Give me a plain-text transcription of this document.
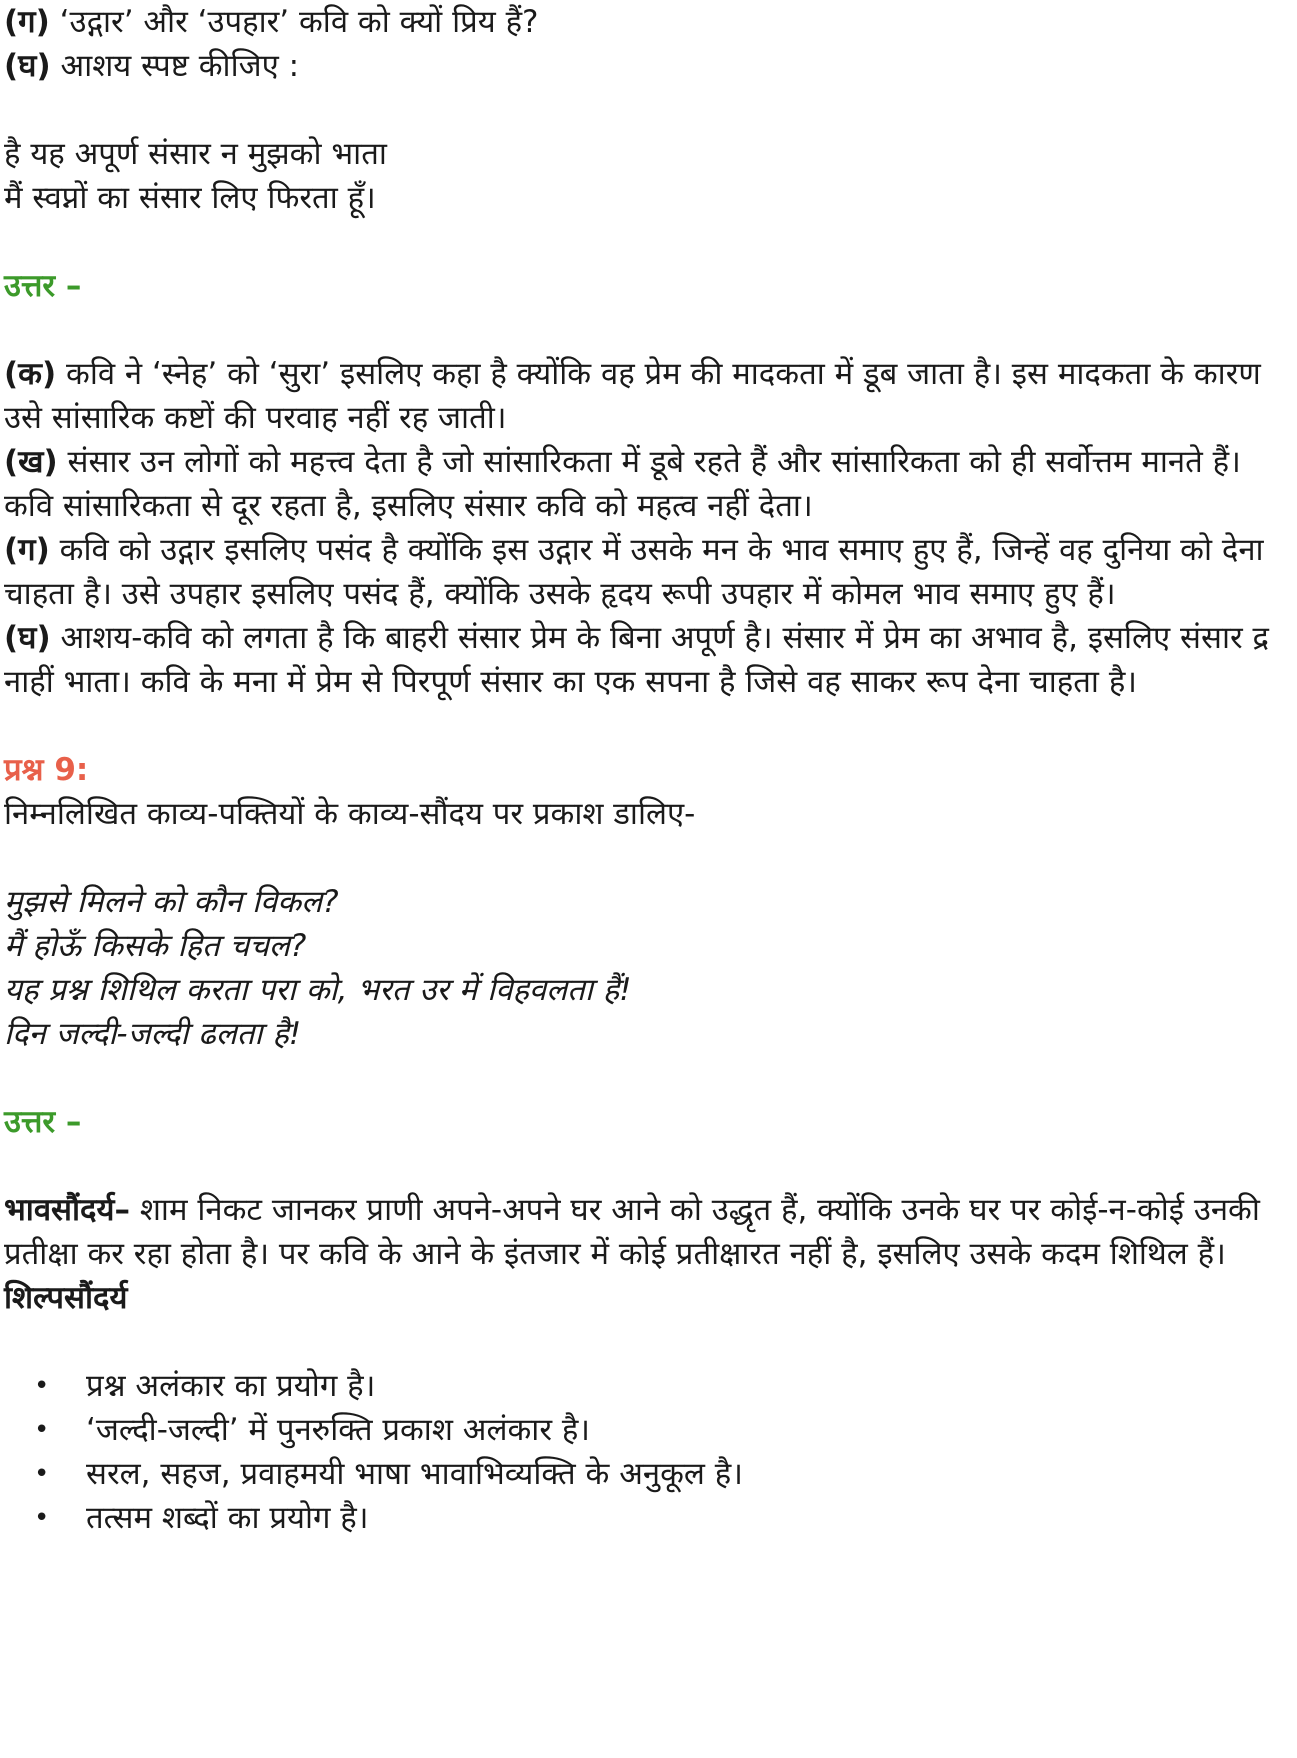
(ग) ‘उद्गार’ और ‘उपहार’ कवि को क्यों प्रिय हैं?

(घ) आशय स्पष्ट कीजिए :

है यह अपूर्ण संसार न मुझको भाता

मैं स्वप्नों का संसार लिए फिरता हूँ।

उत्तर –

(क) कवि ने ‘स्नेह’ को ‘सुरा’ इसलिए कहा है क्योंकि वह प्रेम की मादकता में डूब जाता है। इस मादकता के कारण उसे सांसारिक कष्टों की परवाह नहीं रह जाती।

(ख) संसार उन लोगों को महत्त्व देता है जो सांसारिकता में डूबे रहते हैं और सांसारिकता को ही सर्वोत्तम मानते हैं। कवि सांसारिकता से दूर रहता है, इसलिए संसार कवि को महत्व नहीं देता।

(ग) कवि को उद्गार इसलिए पसंद है क्योंकि इस उद्गार में उसके मन के भाव समाए हुए हैं, जिन्हें वह दुनिया को देना चाहता है। उसे उपहार इसलिए पसंद हैं, क्योंकि उसके हृदय रूपी उपहार में कोमल भाव समाए हुए हैं।

(घ) आशय-कवि को लगता है कि बाहरी संसार प्रेम के बिना अपूर्ण है। संसार में प्रेम का अभाव है, इसलिए संसार द्र नाहीं भाता। कवि के मना में प्रेम से पिरपूर्ण संसार का एक सपना है जिसे वह साकर रूप देना चाहता है।

प्रश्न 9:

निम्नलिखित काव्य-पक्तियों के काव्य-सौंदय पर प्रकाश डालिए-

मुझसे मिलने को कौन विकल?

मैं होऊँ किसके हित चचल?

यह प्रश्न शिथिल करता परा को, भरत उर में विहवलता हैं!

दिन जल्दी-जल्दी ढलता है!

उत्तर –

भावसौंदर्य– शाम निकट जानकर प्राणी अपने-अपने घर आने को उद्धृत हैं, क्योंकि उनके घर पर कोई-न-कोई उनकी प्रतीक्षा कर रहा होता है। पर कवि के आने के इंतजार में कोई प्रतीक्षारत नहीं है, इसलिए उसके कदम शिथिल हैं।

शिल्पसौंदर्य

• प्रश्न अलंकार का प्रयोग है।
• ‘जल्दी-जल्दी’ में पुनरुक्ति प्रकाश अलंकार है।
• सरल, सहज, प्रवाहमयी भाषा भावाभिव्यक्ति के अनुकूल है।
• तत्सम शब्दों का प्रयोग है।
